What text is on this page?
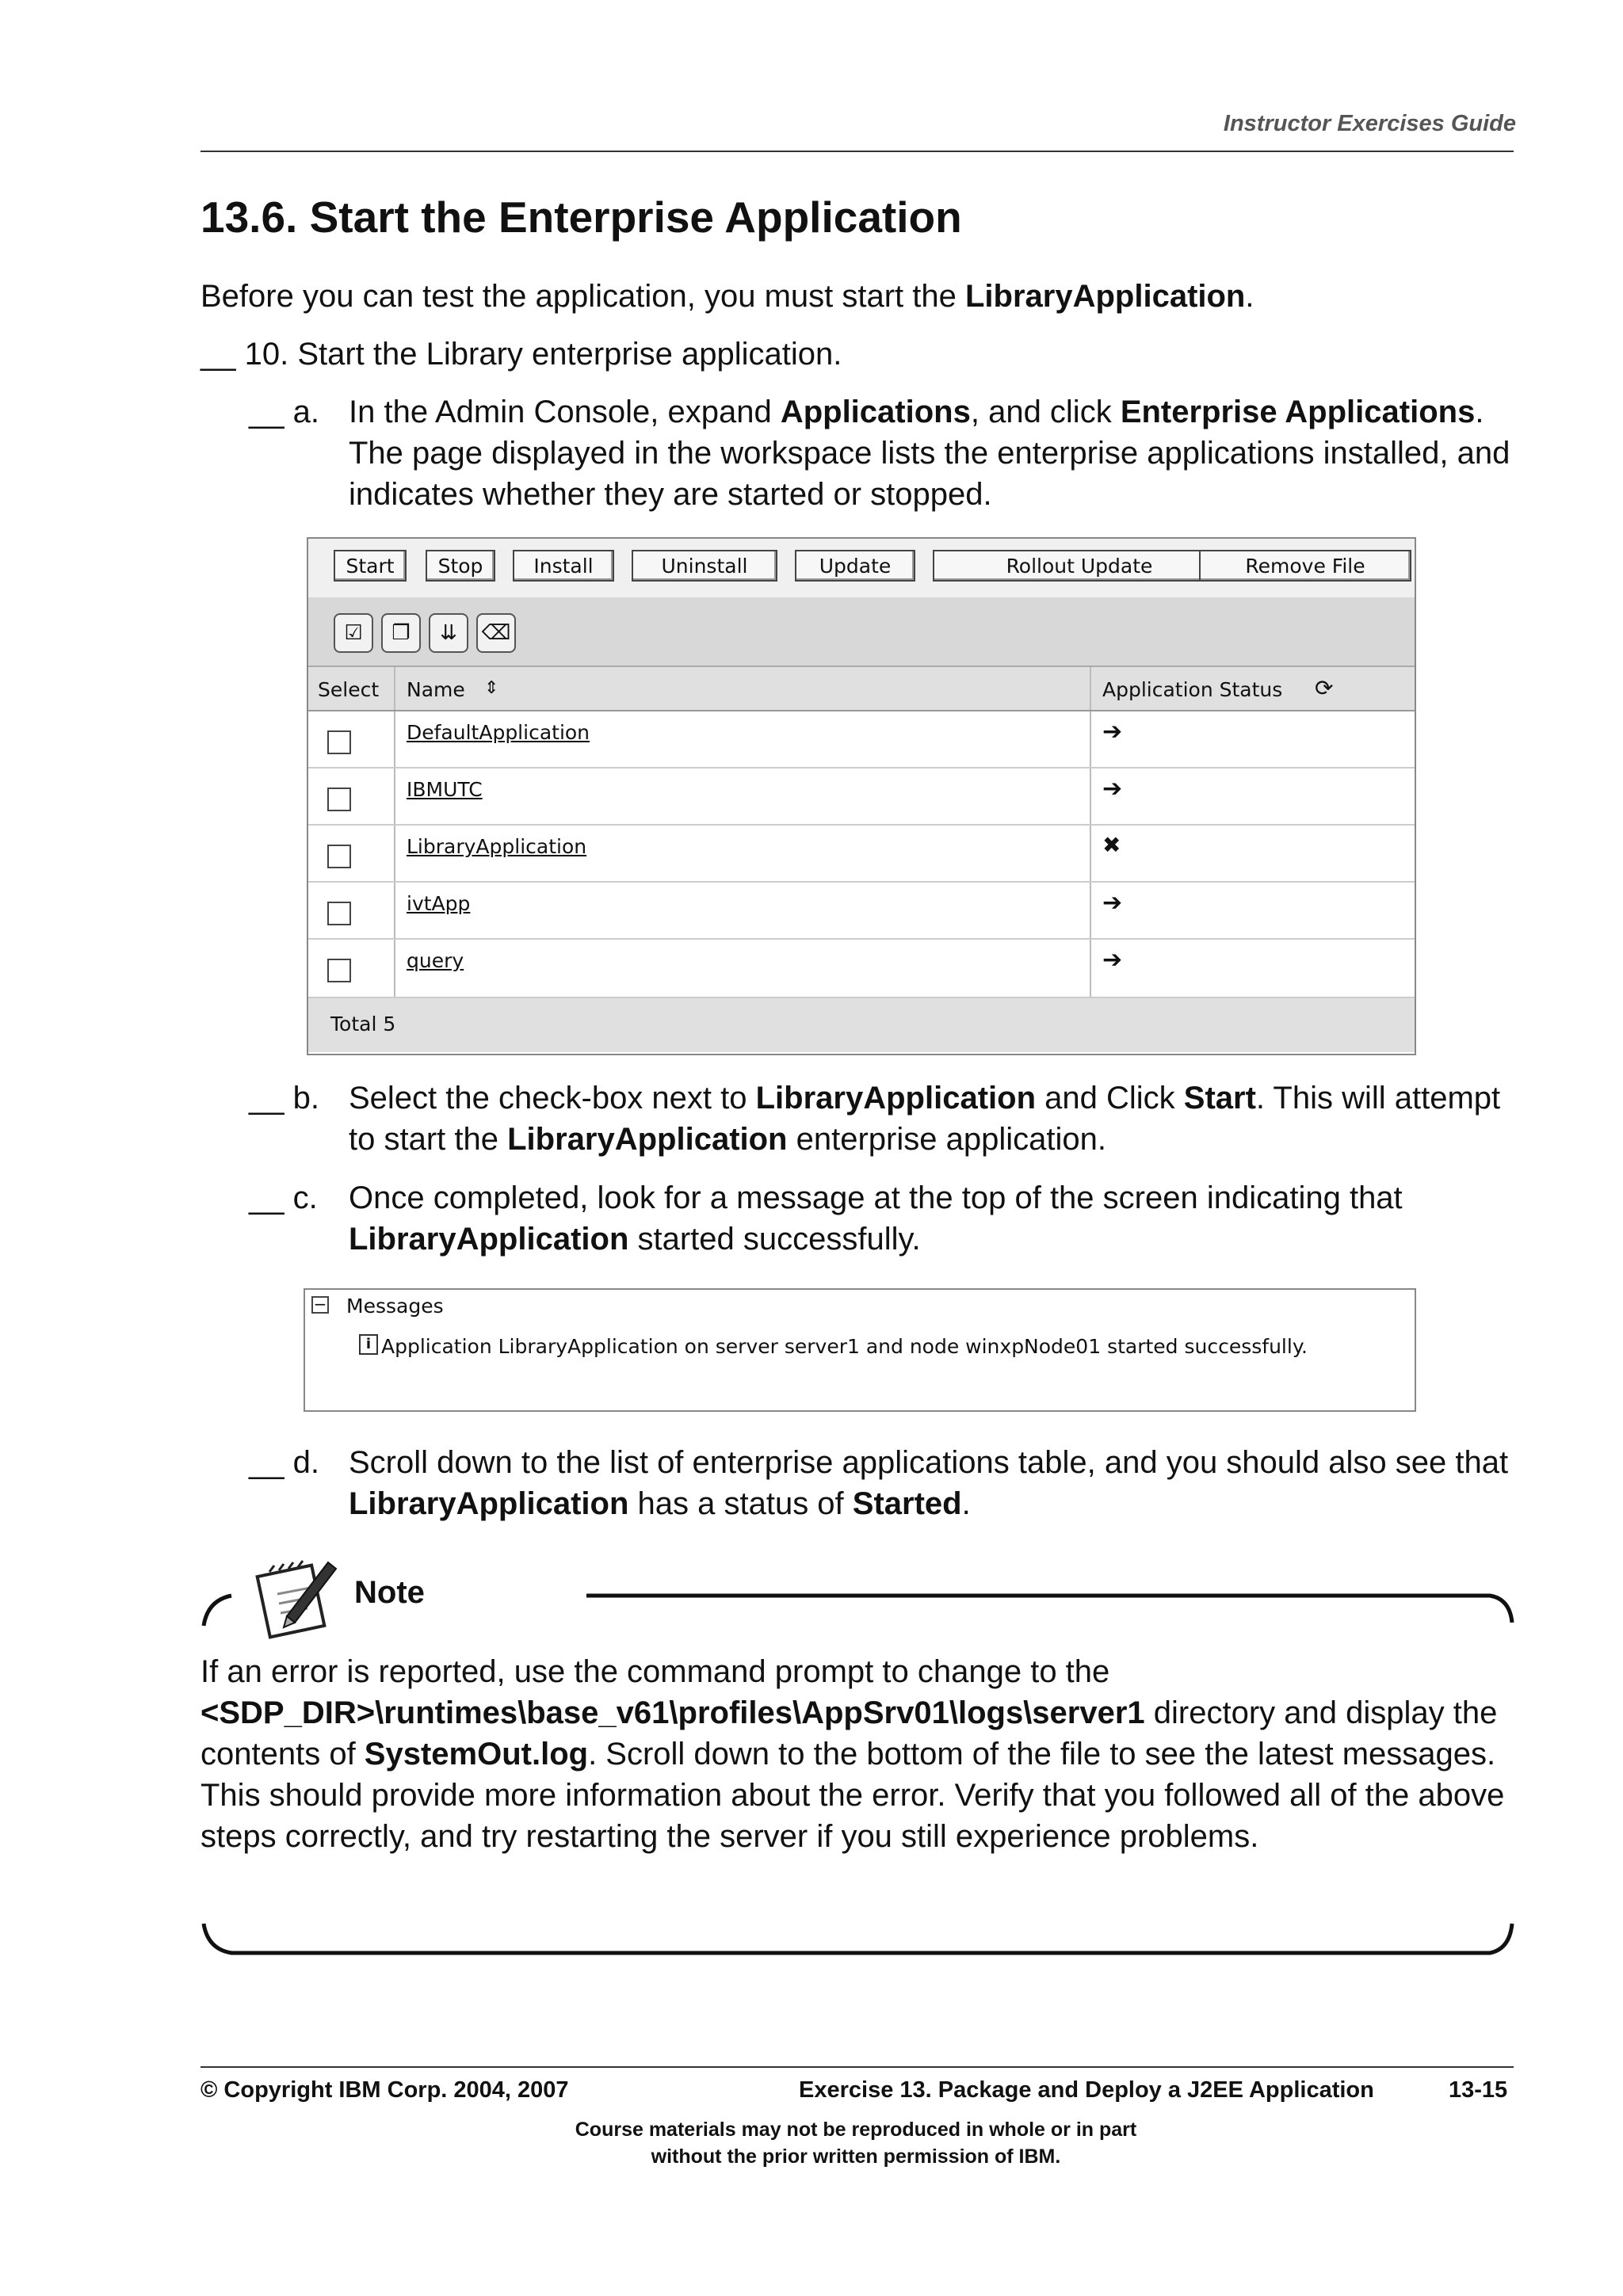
Instructor Exercises Guide
13.6. Start the Enterprise Application
Before you can test the application, you must start the LibraryApplication.
__ 10. Start the Library enterprise application.
__ a. In the Admin Console, expand Applications, and click Enterprise Applications. The page displayed in the workspace lists the enterprise applications installed, and indicates whether they are started or stopped.
Start	Stop	Install	Uninstall	Update	Rollout Update	Remove File
☑	❐	⇊	⌫
Select Name ⇕	Application Status ⟳
DefaultApplication	➔
IBMUTC	➔
LibraryApplication	✖
ivtApp	➔
query	➔
Total 5
__ b. Select the check-box next to LibraryApplication and Click Start. This will attempt to start the LibraryApplication enterprise application.
__ c. Once completed, look for a message at the top of the screen indicating that LibraryApplication started successfully.
− Messages
i Application LibraryApplication on server server1 and node winxpNode01 started successfully.
__ d. Scroll down to the list of enterprise applications table, and you should also see that LibraryApplication has a status of Started.
Note
If an error is reported, use the command prompt to change to the <SDP_DIR>\runtimes\base_v61\profiles\AppSrv01\logs\server1 directory and display the contents of SystemOut.log. Scroll down to the bottom of the file to see the latest messages. This should provide more information about the error. Verify that you followed all of the above steps correctly, and try restarting the server if you still experience problems.
© Copyright IBM Corp. 2004, 2007	Exercise 13. Package and Deploy a J2EE Application	13-15
Course materials may not be reproduced in whole or in part
without the prior written permission of IBM.
